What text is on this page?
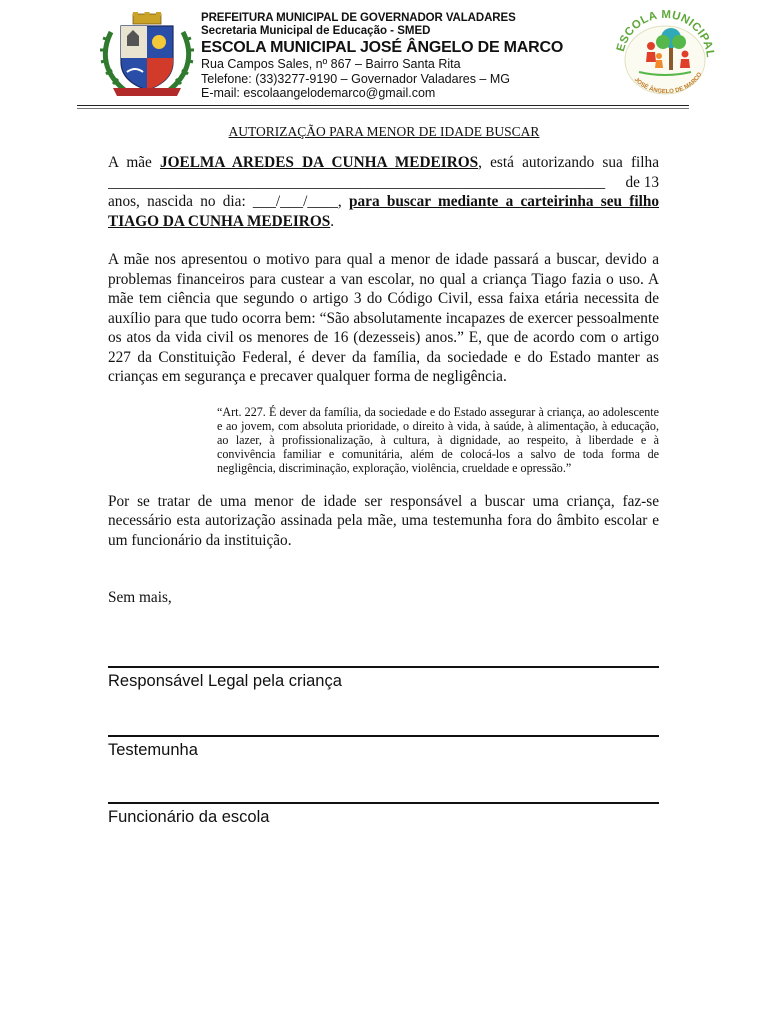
PREFEITURA MUNICIPAL DE GOVERNADOR VALADARES
Secretaria Municipal de Educação - SMED
ESCOLA MUNICIPAL JOSÉ ÂNGELO DE MARCO
Rua Campos Sales, nº 867 – Bairro Santa Rita
Telefone: (33)3277-9190 – Governador Valadares – MG
E-mail: escolaangelodemarco@gmail.com
ESCOLA MUNICIPAL
JOSÉ ÂNGELO DE MARCO
AUTORIZAÇÃO PARA MENOR DE IDADE BUSCAR

A mãe JOELMA AREDES DA CUNHA MEDEIROS, está autorizando sua filha
_________________________________________________________________ de 13
anos, nascida no dia: ___/___/____, para buscar mediante a carteirinha seu filho
TIAGO DA CUNHA MEDEIROS.

A mãe nos apresentou o motivo para qual a menor de idade passará a buscar, devido a problemas financeiros para custear a van escolar, no qual a criança Tiago fazia o uso. A mãe tem ciência que segundo o artigo 3 do Código Civil, essa faixa etária necessita de auxílio para que tudo ocorra bem: “São absolutamente incapazes de exercer pessoalmente os atos da vida civil os menores de 16 (dezesseis) anos.” E, que de acordo com o artigo 227 da Constituição Federal, é dever da família, da sociedade e do Estado manter as crianças em segurança e precaver qualquer forma de negligência.

“Art. 227. É dever da família, da sociedade e do Estado assegurar à criança, ao adolescente e ao jovem, com absoluta prioridade, o direito à vida, à saúde, à alimentação, à educação, ao lazer, à profissionalização, à cultura, à dignidade, ao respeito, à liberdade e à convivência familiar e comunitária, além de colocá-los a salvo de toda forma de negligência, discriminação, exploração, violência, crueldade e opressão.”

Por se tratar de uma menor de idade ser responsável a buscar uma criança, faz-se necessário esta autorização assinada pela mãe, uma testemunha fora do âmbito escolar e um funcionário da instituição.

Sem mais,

Responsável Legal pela criança
Testemunha
Funcionário da escola
